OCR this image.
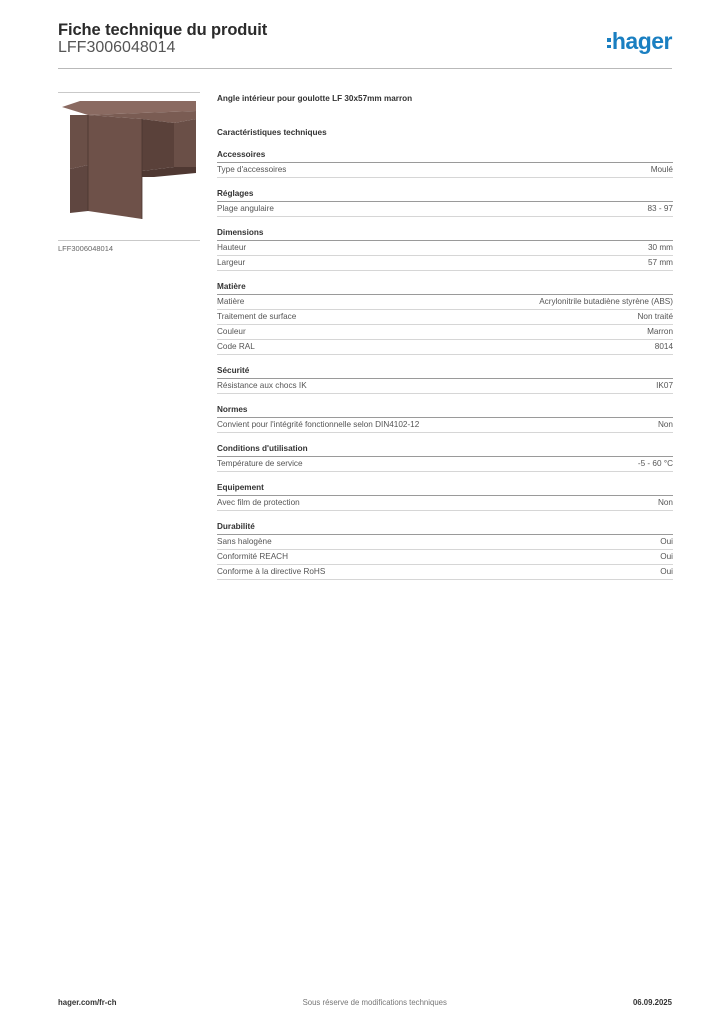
Fiche technique du produit
LFF3006048014	hager
LFF3006048014
Angle intérieur pour goulotte LF 30x57mm marron
Caractéristiques techniques
Accessoires
Type d'accessoires	Moulé
Réglages
Plage angulaire	83 - 97
Dimensions
Hauteur	30 mm
Largeur	57 mm
Matière
Matière	Acrylonitrile butadiène styrène (ABS)
Traitement de surface	Non traité
Couleur	Marron
Code RAL	8014
Sécurité
Résistance aux chocs IK	IK07
Normes
Convient pour l'intégrité fonctionnelle selon DIN4102-12	Non
Conditions d'utilisation
Température de service	-5 - 60 °C
Equipement
Avec film de protection	Non
Durabilité
Sans halogène	Oui
Conformité REACH	Oui
Conforme à la directive RoHS	Oui
hager.com/fr-ch	Sous réserve de modifications techniques	06.09.2025
